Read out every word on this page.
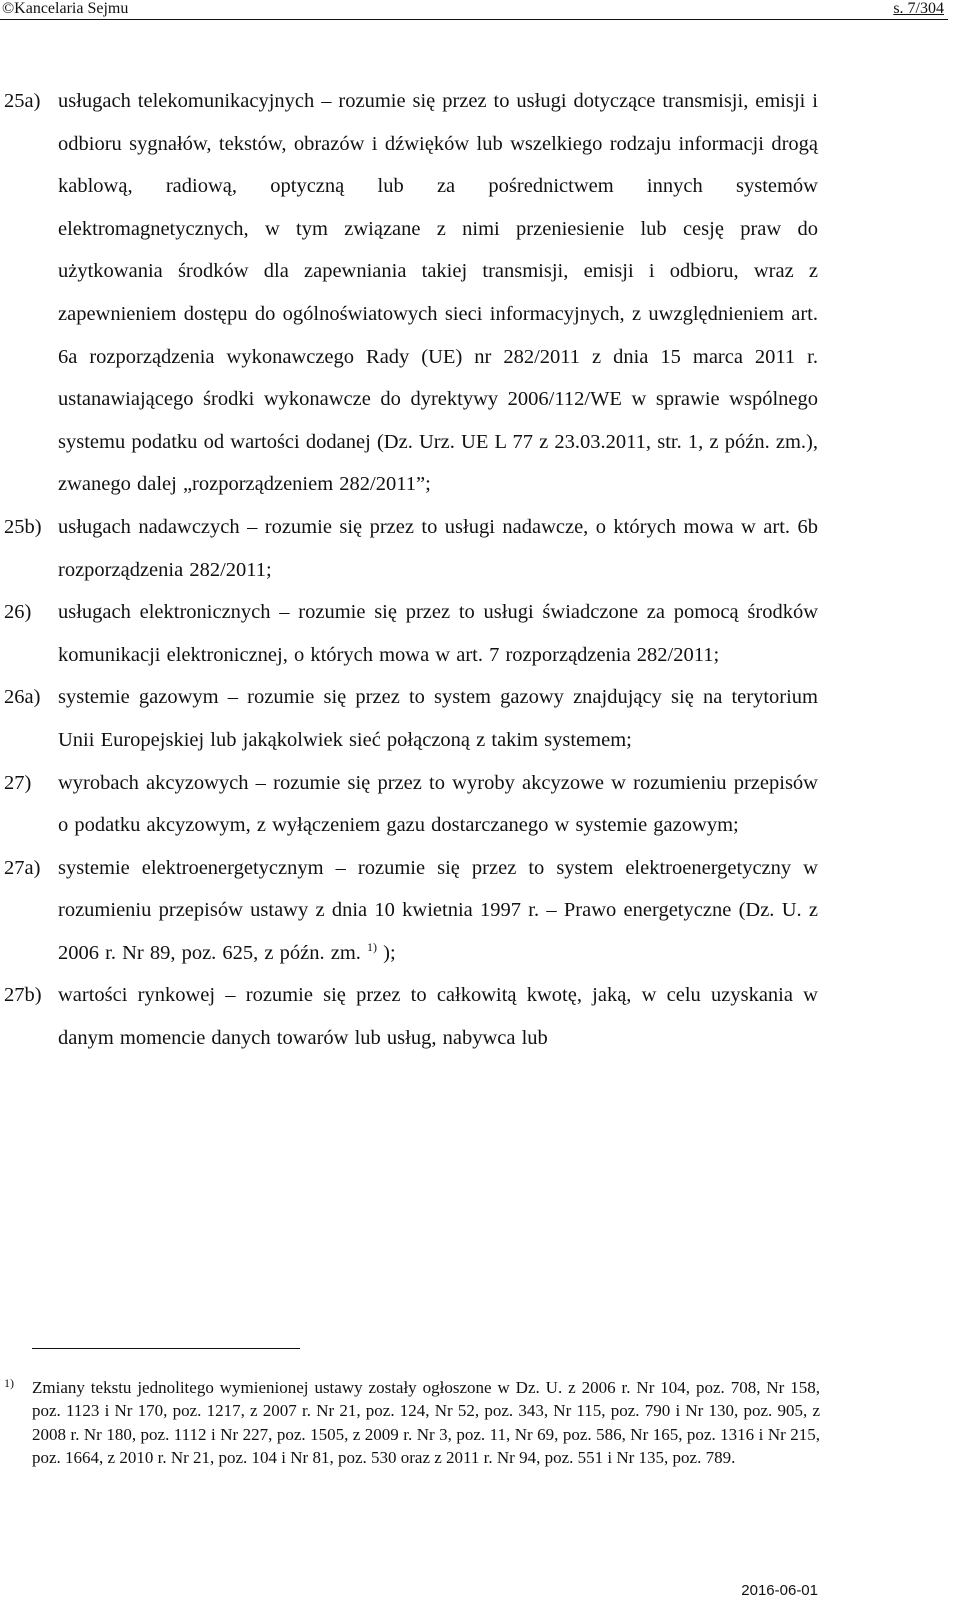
©Kancelaria Sejmu	s. 7/304
25a) usługach telekomunikacyjnych – rozumie się przez to usługi dotyczące transmisji, emisji i odbioru sygnałów, tekstów, obrazów i dźwięków lub wszelkiego rodzaju informacji drogą kablową, radiową, optyczną lub za pośrednictwem innych systemów elektromagnetycznych, w tym związane z nimi przeniesienie lub cesję praw do użytkowania środków dla zapewniania takiej transmisji, emisji i odbioru, wraz z zapewnieniem dostępu do ogólnoświatowych sieci informacyjnych, z uwzględnieniem art. 6a rozporządzenia wykonawczego Rady (UE) nr 282/2011 z dnia 15 marca 2011 r. ustanawiającego środki wykonawcze do dyrektywy 2006/112/WE w sprawie wspólnego systemu podatku od wartości dodanej (Dz. Urz. UE L 77 z 23.03.2011, str. 1, z późn. zm.), zwanego dalej „rozporządzeniem 282/2011”;
25b) usługach nadawczych – rozumie się przez to usługi nadawcze, o których mowa w art. 6b rozporządzenia 282/2011;
26) usługach elektronicznych – rozumie się przez to usługi świadczone za pomocą środków komunikacji elektronicznej, o których mowa w art. 7 rozporządzenia 282/2011;
26a) systemie gazowym – rozumie się przez to system gazowy znajdujący się na terytorium Unii Europejskiej lub jakąkolwiek sieć połączoną z takim systemem;
27) wyrobach akcyzowych – rozumie się przez to wyroby akcyzowe w rozumieniu przepisów o podatku akcyzowym, z wyłączeniem gazu dostarczanego w systemie gazowym;
27a) systemie elektroenergetycznym – rozumie się przez to system elektroenergetyczny w rozumieniu przepisów ustawy z dnia 10 kwietnia 1997 r. – Prawo energetyczne (Dz. U. z 2006 r. Nr 89, poz. 625, z późn. zm. $^{1)}$ );
27b) wartości rynkowej – rozumie się przez to całkowitą kwotę, jaką, w celu uzyskania w danym momencie danych towarów lub usług, nabywca lub
1) Zmiany tekstu jednolitego wymienionej ustawy zostały ogłoszone w Dz. U. z 2006 r. Nr 104, poz. 708, Nr 158, poz. 1123 i Nr 170, poz. 1217, z 2007 r. Nr 21, poz. 124, Nr 52, poz. 343, Nr 115, poz. 790 i Nr 130, poz. 905, z 2008 r. Nr 180, poz. 1112 i Nr 227, poz. 1505, z 2009 r. Nr 3, poz. 11, Nr 69, poz. 586, Nr 165, poz. 1316 i Nr 215, poz. 1664, z 2010 r. Nr 21, poz. 104 i Nr 81, poz. 530 oraz z 2011 r. Nr 94, poz. 551 i Nr 135, poz. 789.
2016-06-01
